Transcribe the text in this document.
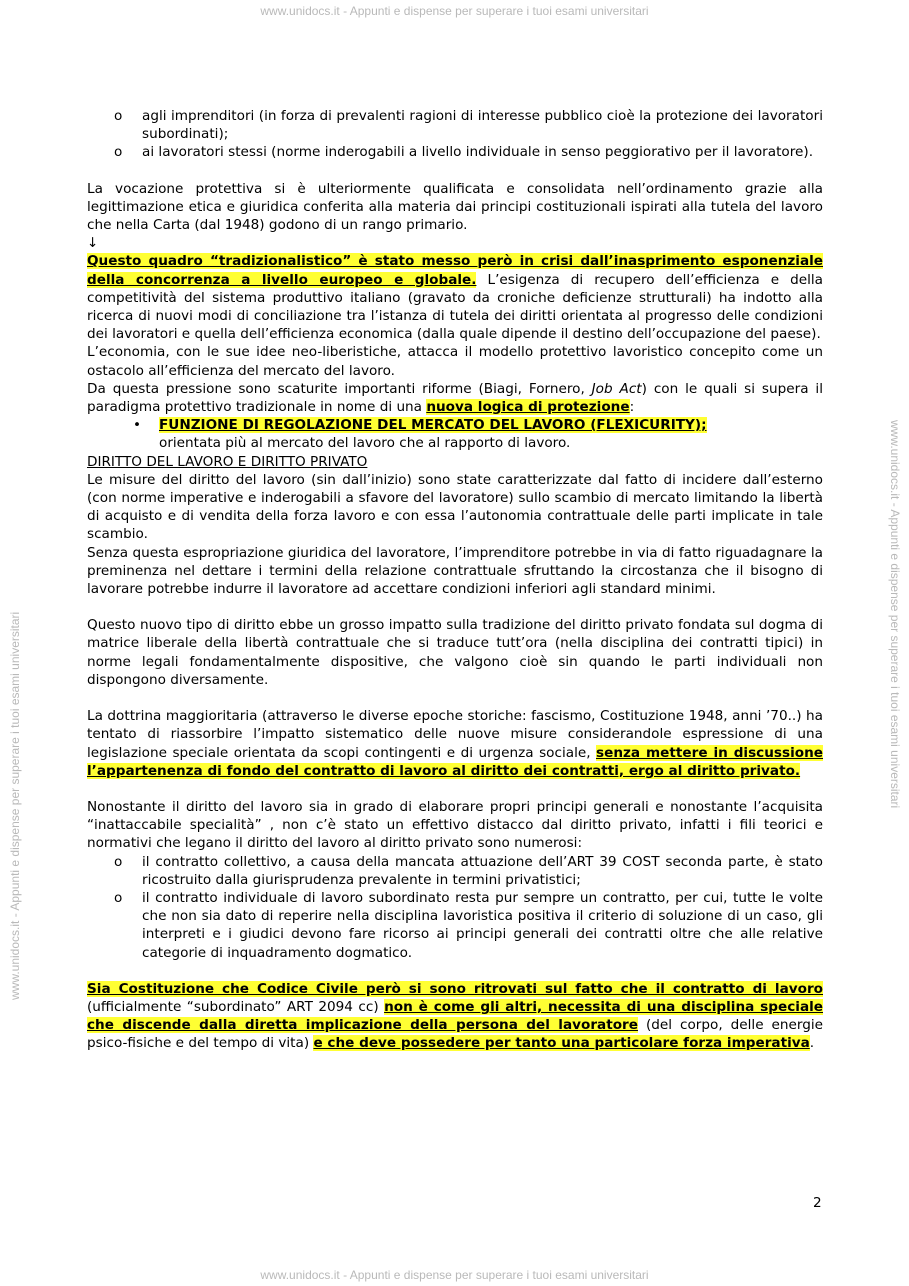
www.unidocs.it - Appunti e dispense per superare i tuoi esami universitari
www.unidocs.it - Appunti e dispense per superare i tuoi esami universitari
www.unidocs.it - Appunti e dispense per superare i tuoi esami universitari	www.unidocs.it - Appunti e dispense per superare i tuoi esami universitari
o agli imprenditori (in forza di prevalenti ragioni di interesse pubblico cioè la protezione dei lavoratori subordinati);
o ai lavoratori stessi (norme inderogabili a livello individuale in senso peggiorativo per il lavoratore).

La vocazione protettiva si è ulteriormente qualificata e consolidata nell’ordinamento grazie alla legittimazione etica e giuridica conferita alla materia dai principi costituzionali ispirati alla tutela del lavoro che nella Carta (dal 1948) godono di un rango primario.

↓

Questo quadro “tradizionalistico” è stato messo però in crisi dall’inasprimento esponenziale della concorrenza a livello europeo e globale. L’esigenza di recupero dell’efficienza e della competitività del sistema produttivo italiano (gravato da croniche deficienze strutturali) ha indotto alla ricerca di nuovi modi di conciliazione tra l’istanza di tutela dei diritti orientata al progresso delle condizioni dei lavoratori e quella dell’efficienza economica (dalla quale dipende il destino dell’occupazione del paese).

L’economia, con le sue idee neo-liberistiche, attacca il modello protettivo lavoristico concepito come un ostacolo all’efficienza del mercato del lavoro.

Da questa pressione sono scaturite importanti riforme (Biagi, Fornero, Job Act) con le quali si supera il paradigma protettivo tradizionale in nome di una nuova logica di protezione:

• FUNZIONE DI REGOLAZIONE DEL MERCATO DEL LAVORO (FLEXICURITY);

orientata più al mercato del lavoro che al rapporto di lavoro.

DIRITTO DEL LAVORO E DIRITTO PRIVATO

Le misure del diritto del lavoro (sin dall’inizio) sono state caratterizzate dal fatto di incidere dall’esterno (con norme imperative e inderogabili a sfavore del lavoratore) sullo scambio di mercato limitando la libertà di acquisto e di vendita della forza lavoro e con essa l’autonomia contrattuale delle parti implicate in tale scambio.

Senza questa espropriazione giuridica del lavoratore, l’imprenditore potrebbe in via di fatto riguadagnare la preminenza nel dettare i termini della relazione contrattuale sfruttando la circostanza che il bisogno di lavorare potrebbe indurre il lavoratore ad accettare condizioni inferiori agli standard minimi.

Questo nuovo tipo di diritto ebbe un grosso impatto sulla tradizione del diritto privato fondata sul dogma di matrice liberale della libertà contrattuale che si traduce tutt’ora (nella disciplina dei contratti tipici) in norme legali fondamentalmente dispositive, che valgono cioè sin quando le parti individuali non dispongono diversamente.

La dottrina maggioritaria (attraverso le diverse epoche storiche: fascismo, Costituzione 1948, anni ’70..) ha tentato di riassorbire l’impatto sistematico delle nuove misure considerandole espressione di una legislazione speciale orientata da scopi contingenti e di urgenza sociale, senza mettere in discussione l’appartenenza di fondo del contratto di lavoro al diritto dei contratti, ergo al diritto privato.

Nonostante il diritto del lavoro sia in grado di elaborare propri principi generali e nonostante l’acquisita “inattaccabile specialità” , non c’è stato un effettivo distacco dal diritto privato, infatti i fili teorici e normativi che legano il diritto del lavoro al diritto privato sono numerosi:

o il contratto collettivo, a causa della mancata attuazione dell’ART 39 COST seconda parte, è stato ricostruito dalla giurisprudenza prevalente in termini privatistici;
o il contratto individuale di lavoro subordinato resta pur sempre un contratto, per cui, tutte le volte che non sia dato di reperire nella disciplina lavoristica positiva il criterio di soluzione di un caso, gli interpreti e i giudici devono fare ricorso ai principi generali dei contratti oltre che alle relative categorie di inquadramento dogmatico.

Sia Costituzione che Codice Civile però si sono ritrovati sul fatto che il contratto di lavoro (ufficialmente “subordinato” ART 2094 cc) non è come gli altri, necessita di una disciplina speciale che discende dalla diretta implicazione della persona del lavoratore (del corpo, delle energie psico-fisiche e del tempo di vita) e che deve possedere per tanto una particolare forza imperativa.

2
